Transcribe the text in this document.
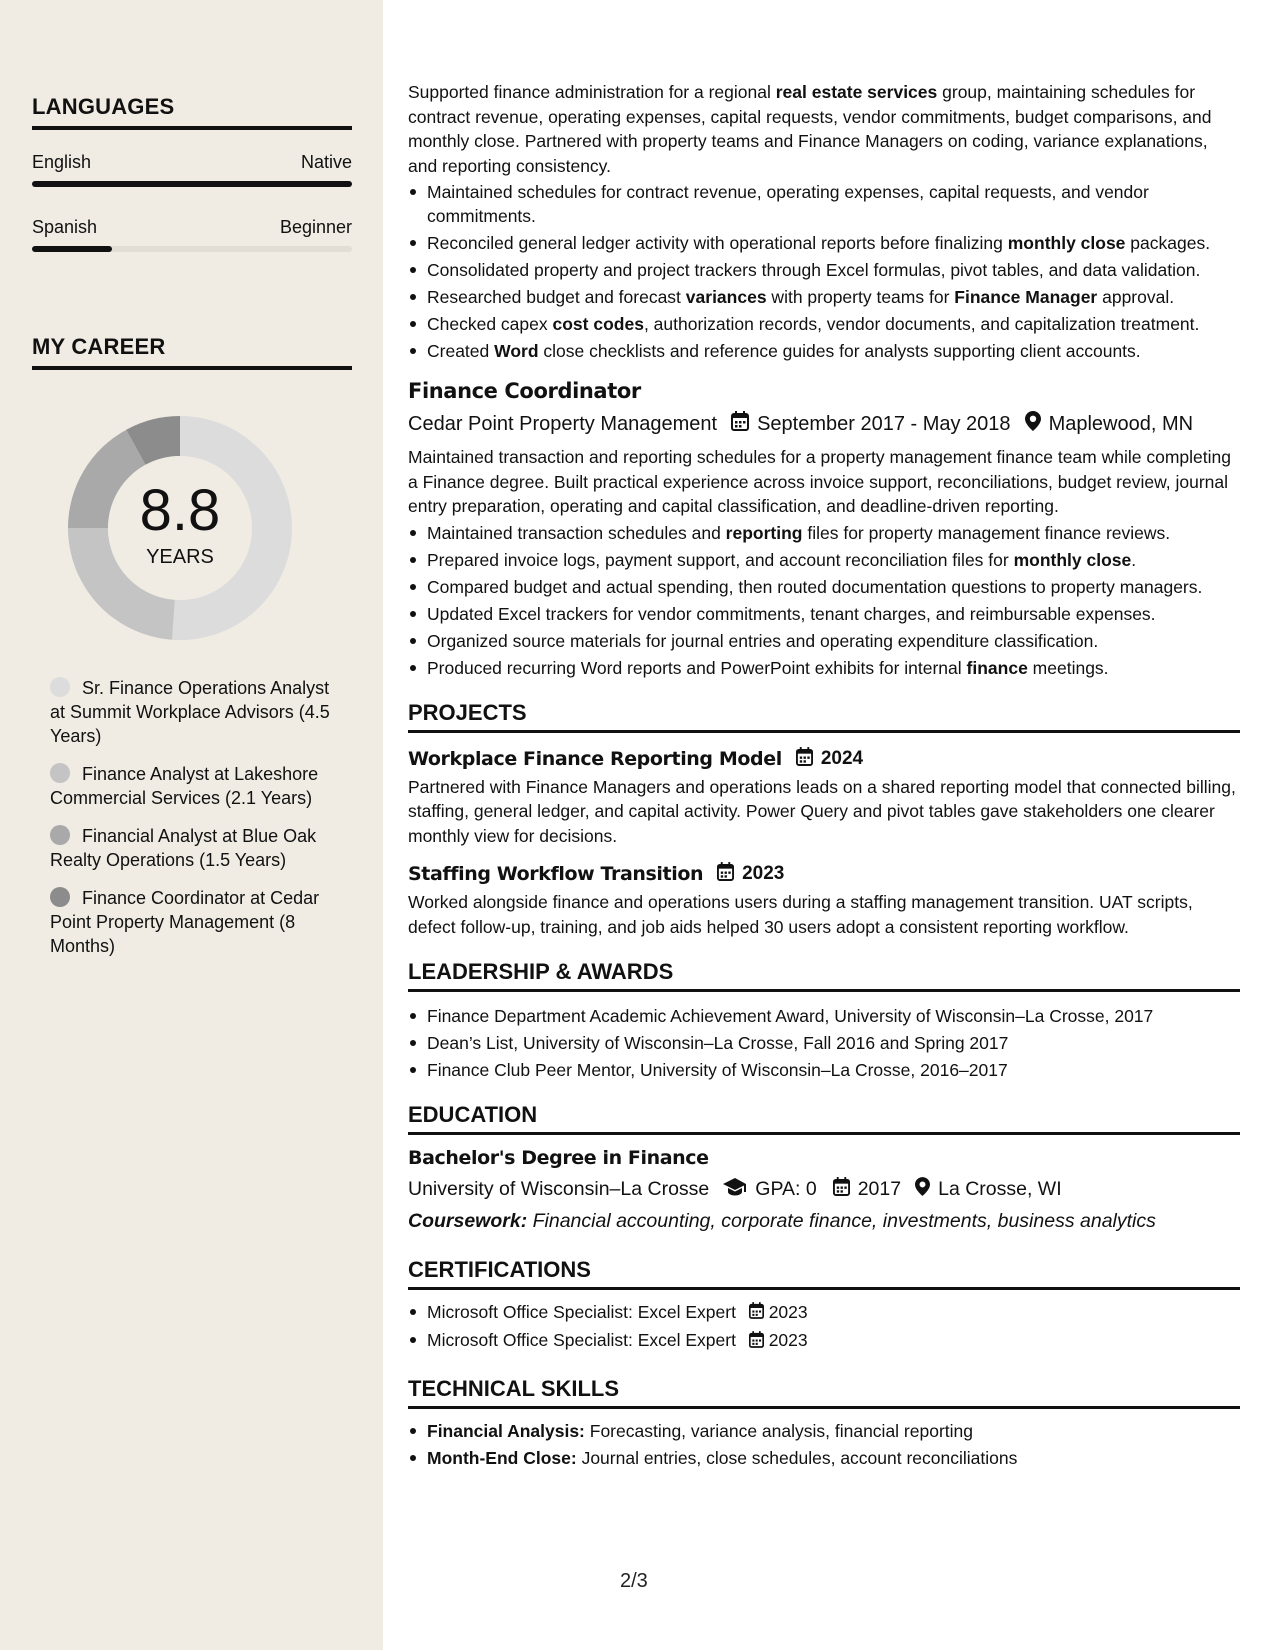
LANGUAGES
English	Native
Spanish	Beginner
MY CAREER
8.8
YEARS
Sr. Finance Operations Analyst at Summit Workplace Advisors (4.5 Years)
Finance Analyst at Lakeshore Commercial Services (2.1 Years)
Financial Analyst at Blue Oak Realty Operations (1.5 Years)
Finance Coordinator at Cedar Point Property Management (8 Months)

Supported finance administration for a regional real estate services group, maintaining schedules for contract revenue, operating expenses, capital requests, vendor commitments, budget comparisons, and monthly close. Partnered with property teams and Finance Managers on coding, variance explanations, and reporting consistency.

Maintained schedules for contract revenue, operating expenses, capital requests, and vendor commitments.
Reconciled general ledger activity with operational reports before finalizing monthly close packages.
Consolidated property and project trackers through Excel formulas, pivot tables, and data validation.
Researched budget and forecast variances with property teams for Finance Manager approval.
Checked capex cost codes, authorization records, vendor documents, and capitalization treatment.
Created Word close checklists and reference guides for analysts supporting client accounts.
Finance Coordinator
Cedar Point Property Management September 2017 - May 2018 Maplewood, MN

Maintained transaction and reporting schedules for a property management finance team while completing a Finance degree. Built practical experience across invoice support, reconciliations, budget review, journal entry preparation, operating and capital classification, and deadline-driven reporting.

Maintained transaction schedules and reporting files for property management finance reviews.
Prepared invoice logs, payment support, and account reconciliation files for monthly close.
Compared budget and actual spending, then routed documentation questions to property managers.
Updated Excel trackers for vendor commitments, tenant charges, and reimbursable expenses.
Organized source materials for journal entries and operating expenditure classification.
Produced recurring Word reports and PowerPoint exhibits for internal finance meetings.
PROJECTS
Workplace Finance Reporting Model 2024

Partnered with Finance Managers and operations leads on a shared reporting model that connected billing, staffing, general ledger, and capital activity. Power Query and pivot tables gave stakeholders one clearer monthly view for decisions.

Staffing Workflow Transition 2023

Worked alongside finance and operations users during a staffing management transition. UAT scripts, defect follow-up, training, and job aids helped 30 users adopt a consistent reporting workflow.

LEADERSHIP & AWARDS
Finance Department Academic Achievement Award, University of Wisconsin–La Crosse, 2017
Dean’s List, University of Wisconsin–La Crosse, Fall 2016 and Spring 2017
Finance Club Peer Mentor, University of Wisconsin–La Crosse, 2016–2017
EDUCATION
Bachelor's Degree in Finance
University of Wisconsin–La Crosse GPA: 0 2017 La Crosse, WI
Coursework: Financial accounting, corporate finance, investments, business analytics
CERTIFICATIONS
Microsoft Office Specialist: Excel Expert 2023
Microsoft Office Specialist: Excel Expert 2023
TECHNICAL SKILLS
Financial Analysis: Forecasting, variance analysis, financial reporting
Month-End Close: Journal entries, close schedules, account reconciliations
2/3
